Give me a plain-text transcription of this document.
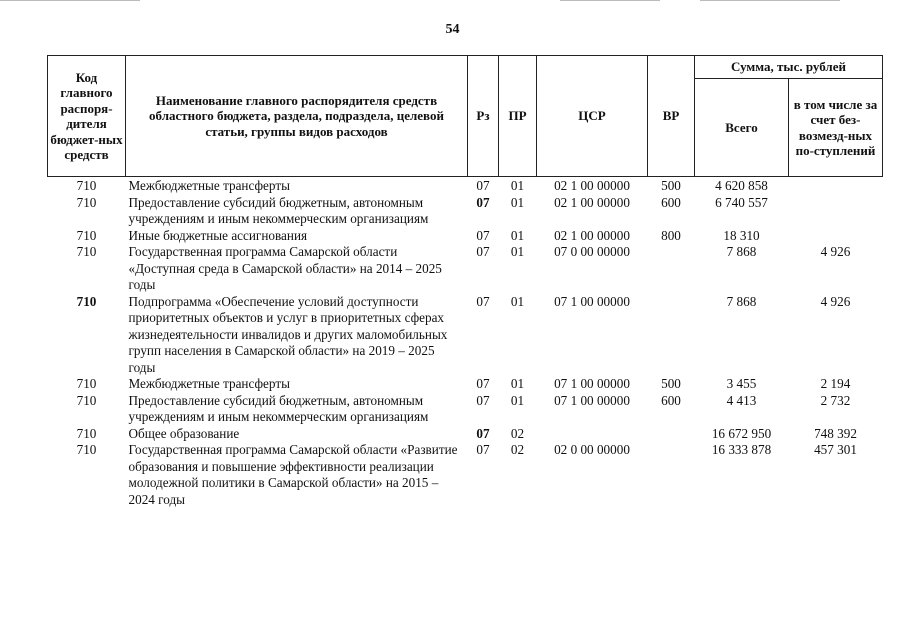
54
Код главного распоря-дителя бюджет-ных средств	Наименование главного распорядителя средств областного бюджета, раздела, подраздела, целевой статьи, группы видов расходов	Рз	ПР	ЦСР	ВР	Сумма, тыс. рублей	
						Всего	в том числе за счет без-возмезд-ных по-ступлений
710	Межбюджетные трансферты	07	01	02 1 00 00000	500	4 620 858	
710	Предоставление субсидий бюджетным, автономным учреждениям и иным некоммерческим организациям	07	01	02 1 00 00000	600	6 740 557	
710	Иные бюджетные ассигнования	07	01	02 1 00 00000	800	18 310	
710	Государственная программа Самарской области «Доступная среда в Самарской области» на 2014 – 2025 годы	07	01	07 0 00 00000		7 868	4 926
710	Подпрограмма «Обеспечение условий доступности приоритетных объектов и услуг в приоритетных сферах жизнедеятельности инвалидов и других маломобильных групп населения в Самарской области» на 2019 – 2025 годы	07	01	07 1 00 00000		7 868	4 926
710	Межбюджетные трансферты	07	01	07 1 00 00000	500	3 455	2 194
710	Предоставление субсидий бюджетным, автономным учреждениям и иным некоммерческим организациям	07	01	07 1 00 00000	600	4 413	2 732
710	Общее образование	07	02			16 672 950	748 392
710	Государственная программа Самарской области «Развитие образования и повышение эффективности реализации молодежной политики в Самарской области» на 2015 – 2024 годы	07	02	02 0 00 00000		16 333 878	457 301
